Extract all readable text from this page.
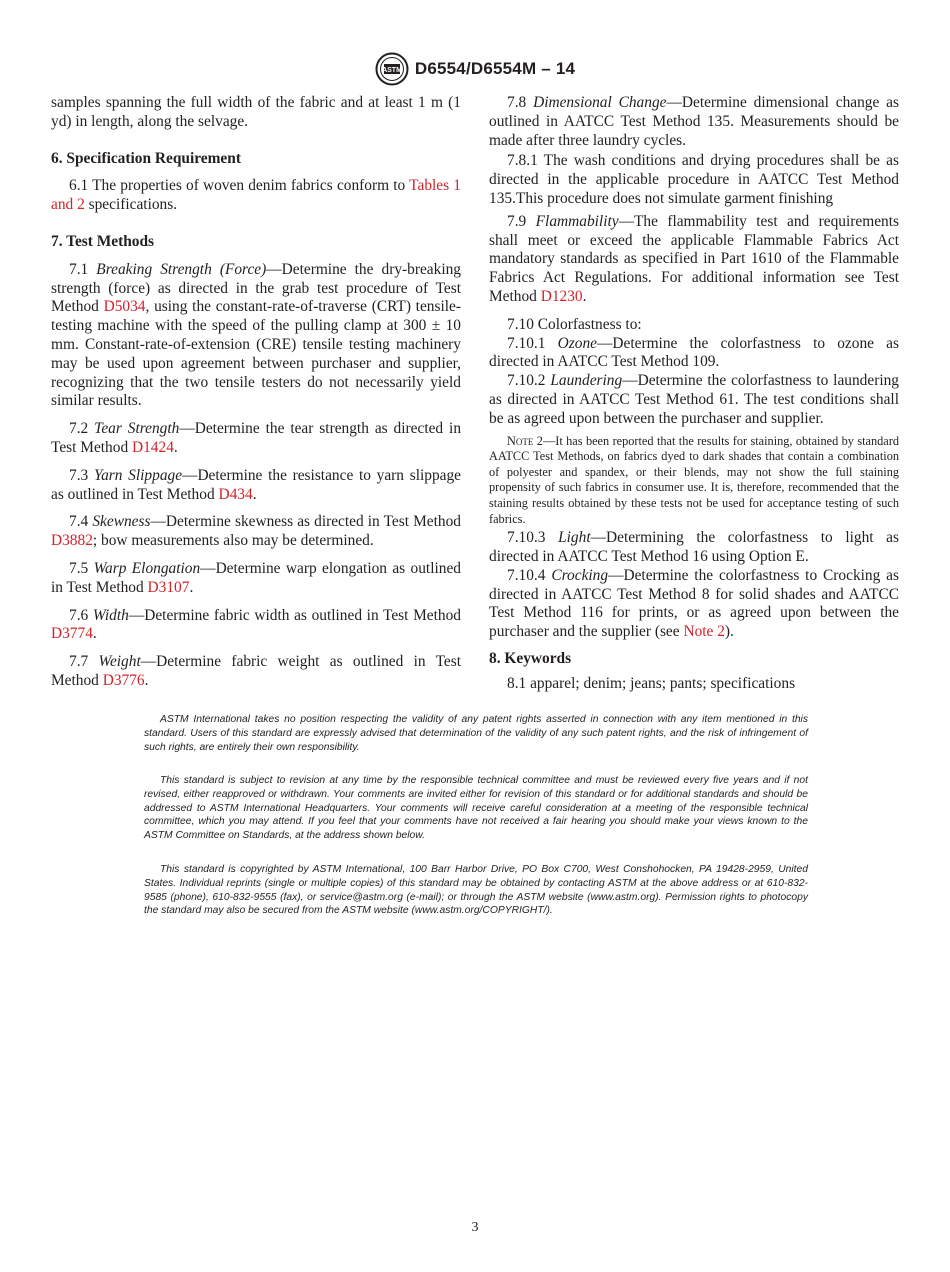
ASTM D6554/D6554M – 14

samples spanning the full width of the fabric and at least 1 m (1 yd) in length, along the selvage.

6. Specification Requirement

6.1 The properties of woven denim fabrics conform to Tables 1 and 2 specifications.

7. Test Methods

7.1 Breaking Strength (Force)—Determine the dry-breaking strength (force) as directed in the grab test procedure of Test Method D5034, using the constant-rate-of-traverse (CRT) tensile-testing machine with the speed of the pulling clamp at 300 ± 10 mm. Constant-rate-of-extension (CRE) tensile testing machinery may be used upon agreement between purchaser and supplier, recognizing that the two tensile testers do not necessarily yield similar results.

7.2 Tear Strength—Determine the tear strength as directed in Test Method D1424.

7.3 Yarn Slippage—Determine the resistance to yarn slippage as outlined in Test Method D434.

7.4 Skewness—Determine skewness as directed in Test Method D3882; bow measurements also may be determined.

7.5 Warp Elongation—Determine warp elongation as outlined in Test Method D3107.

7.6 Width—Determine fabric width as outlined in Test Method D3774.

7.7 Weight—Determine fabric weight as outlined in Test Method D3776.

7.8 Dimensional Change—Determine dimensional change as outlined in AATCC Test Method 135. Measurements should be made after three laundry cycles.

7.8.1 The wash conditions and drying procedures shall be as directed in the applicable procedure in AATCC Test Method 135.This procedure does not simulate garment finishing

7.9 Flammability—The flammability test and requirements shall meet or exceed the applicable Flammable Fabrics Act mandatory standards as specified in Part 1610 of the Flammable Fabrics Act Regulations. For additional information see Test Method D1230.

7.10 Colorfastness to:

7.10.1 Ozone—Determine the colorfastness to ozone as directed in AATCC Test Method 109.

7.10.2 Laundering—Determine the colorfastness to laundering as directed in AATCC Test Method 61. The test conditions shall be as agreed upon between the purchaser and supplier.

Note 2—It has been reported that the results for staining, obtained by standard AATCC Test Methods, on fabrics dyed to dark shades that contain a combination of polyester and spandex, or their blends, may not show the full staining propensity of such fabrics in consumer use. It is, therefore, recommended that the staining results obtained by these tests not be used for acceptance testing of such fabrics.

7.10.3 Light—Determining the colorfastness to light as directed in AATCC Test Method 16 using Option E.

7.10.4 Crocking—Determine the colorfastness to Crocking as directed in AATCC Test Method 8 for solid shades and AATCC Test Method 116 for prints, or as agreed upon between the purchaser and the supplier (see Note 2).

8. Keywords

8.1 apparel; denim; jeans; pants; specifications

ASTM International takes no position respecting the validity of any patent rights asserted in connection with any item mentioned in this standard. Users of this standard are expressly advised that determination of the validity of any such patent rights, and the risk of infringement of such rights, are entirely their own responsibility.

This standard is subject to revision at any time by the responsible technical committee and must be reviewed every five years and if not revised, either reapproved or withdrawn. Your comments are invited either for revision of this standard or for additional standards and should be addressed to ASTM International Headquarters. Your comments will receive careful consideration at a meeting of the responsible technical committee, which you may attend. If you feel that your comments have not received a fair hearing you should make your views known to the ASTM Committee on Standards, at the address shown below.

This standard is copyrighted by ASTM International, 100 Barr Harbor Drive, PO Box C700, West Conshohocken, PA 19428-2959, United States. Individual reprints (single or multiple copies) of this standard may be obtained by contacting ASTM at the above address or at 610-832-9585 (phone), 610-832-9555 (fax), or service@astm.org (e-mail); or through the ASTM website (www.astm.org). Permission rights to photocopy the standard may also be secured from the ASTM website (www.astm.org/COPYRIGHT/).

3
